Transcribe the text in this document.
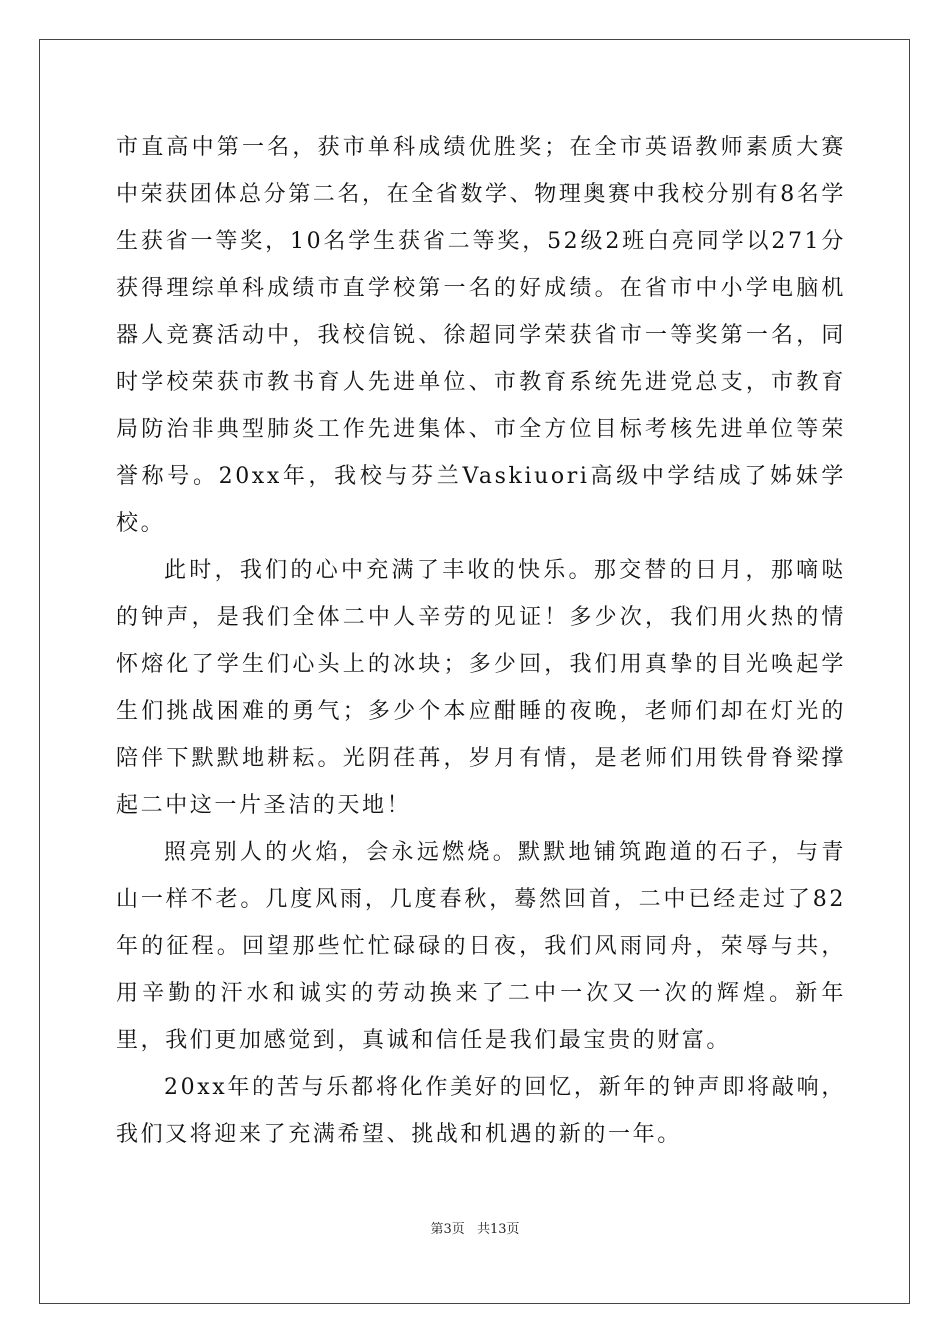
市直高中第一名，获市单科成绩优胜奖；在全市英语教师素质大赛中荣获团体总分第二名，在全省数学、物理奥赛中我校分别有8名学生获省一等奖，10名学生获省二等奖，52级2班白亮同学以271分获得理综单科成绩市直学校第一名的好成绩。在省市中小学电脑机器人竞赛活动中，我校信锐、徐超同学荣获省市一等奖第一名，同时学校荣获市教书育人先进单位、市教育系统先进党总支，市教育局防治非典型肺炎工作先进集体、市全方位目标考核先进单位等荣誉称号。20xx年，我校与芬兰Vaskiuori高级中学结成了姊妹学校。

此时，我们的心中充满了丰收的快乐。那交替的日月，那嘀哒的钟声，是我们全体二中人辛劳的见证！多少次，我们用火热的情怀熔化了学生们心头上的冰块；多少回，我们用真挚的目光唤起学生们挑战困难的勇气；多少个本应酣睡的夜晚，老师们却在灯光的陪伴下默默地耕耘。光阴荏苒，岁月有情，是老师们用铁骨脊梁撑起二中这一片圣洁的天地！

照亮别人的火焰，会永远燃烧。默默地铺筑跑道的石子，与青山一样不老。几度风雨，几度春秋，蓦然回首，二中已经走过了82年的征程。回望那些忙忙碌碌的日夜，我们风雨同舟，荣辱与共，用辛勤的汗水和诚实的劳动换来了二中一次又一次的辉煌。新年里，我们更加感觉到，真诚和信任是我们最宝贵的财富。

20xx年的苦与乐都将化作美好的回忆，新年的钟声即将敲响，我们又将迎来了充满希望、挑战和机遇的新的一年。

第3页 共13页
